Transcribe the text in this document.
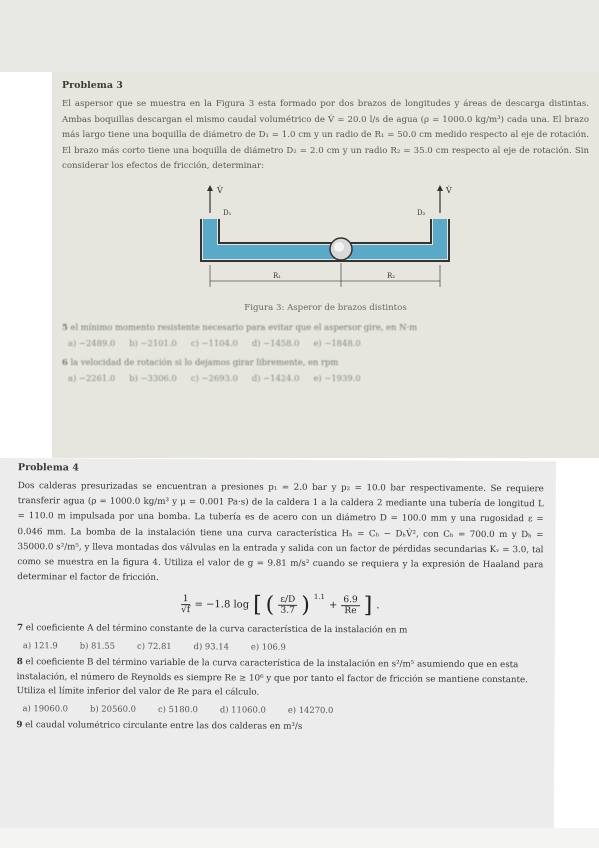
Problema 3
El aspersor que se muestra en la Figura 3 esta formado por dos brazos de longitudes y áreas de descarga distintas. Ambas boquillas descargan el mismo caudal volumétrico de V̇ = 20.0 l/s de agua (ρ = 1000.0 kg/m³) cada una. El brazo más largo tiene una boquilla de diámetro de D₁ = 1.0 cm y un radio de R₁ = 50.0 cm medido respecto al eje de rotación. El brazo más corto tiene una boquilla de diámetro D₂ = 2.0 cm y un radio R₂ = 35.0 cm respecto al eje de rotación. Sin considerar los efectos de fricción, determinar:
V̇	V̇
D₁	D₂
R₁	R₂
Figura 3: Asperor de brazos distintos
5 el mínimo momento resistente necesario para evitar que el aspersor gire, en N·m
a) −2489.0 b) −2101.0 c) −1104.0 d) −1458.0 e) −1848.0
6 la velocidad de rotación si lo dejamos girar libremente, en rpm
a) −2261.0 b) −3306.0 c) −2693.0 d) −1424.0 e) −1939.0
Problema 4
Dos calderas presurizadas se encuentran a presiones p₁ = 2.0 bar y p₂ = 10.0 bar respectivamente. Se requiere transferir agua (ρ = 1000.0 kg/m³ y μ = 0.001 Pa·s) de la caldera 1 a la caldera 2 mediante una tubería de longitud L = 110.0 m impulsada por una bomba. La tubería es de acero con un diámetro D = 100.0 mm y una rugosidad ε = 0.046 mm. La bomba de la instalación tiene una curva característica Hₕ = Cₕ − DₕV̇², con Cₕ = 700.0 m y Dₕ = 35000.0 s²/m⁵, y lleva montadas dos válvulas en la entrada y salida con un factor de pérdidas secundarias Kᵥ = 3.0, tal como se muestra en la figura 4. Utiliza el valor de g = 9.81 m/s² cuando se requiera y la expresión de Haaland para determinar el factor de fricción.
$\frac{1}{√f} = -1.8$ log [ ( $\frac{\varepsilon/D}{3.7}$ ) $^{1.1}$
+ $\frac{6.9}{Re}$ ] .
7 el coeficiente A del término constante de la curva característica de la instalación en m
a) 121.9	b) 81.55	c) 72.81	d) 93.14	e) 106.9
8 el coeficiente B del término variable de la curva característica de la instalación en s²/m⁵ asumiendo que en esta instalación, el número de Reynolds es siempre Re ≥ 10⁶ y que por tanto el factor de fricción se mantiene constante. Utiliza el límite inferior del valor de Re para el cálculo.
a) 19060.0	b) 20560.0	c) 5180.0	d) 11060.0	e) 14270.0
9 el caudal volumétrico circulante entre las dos calderas en m³/s
